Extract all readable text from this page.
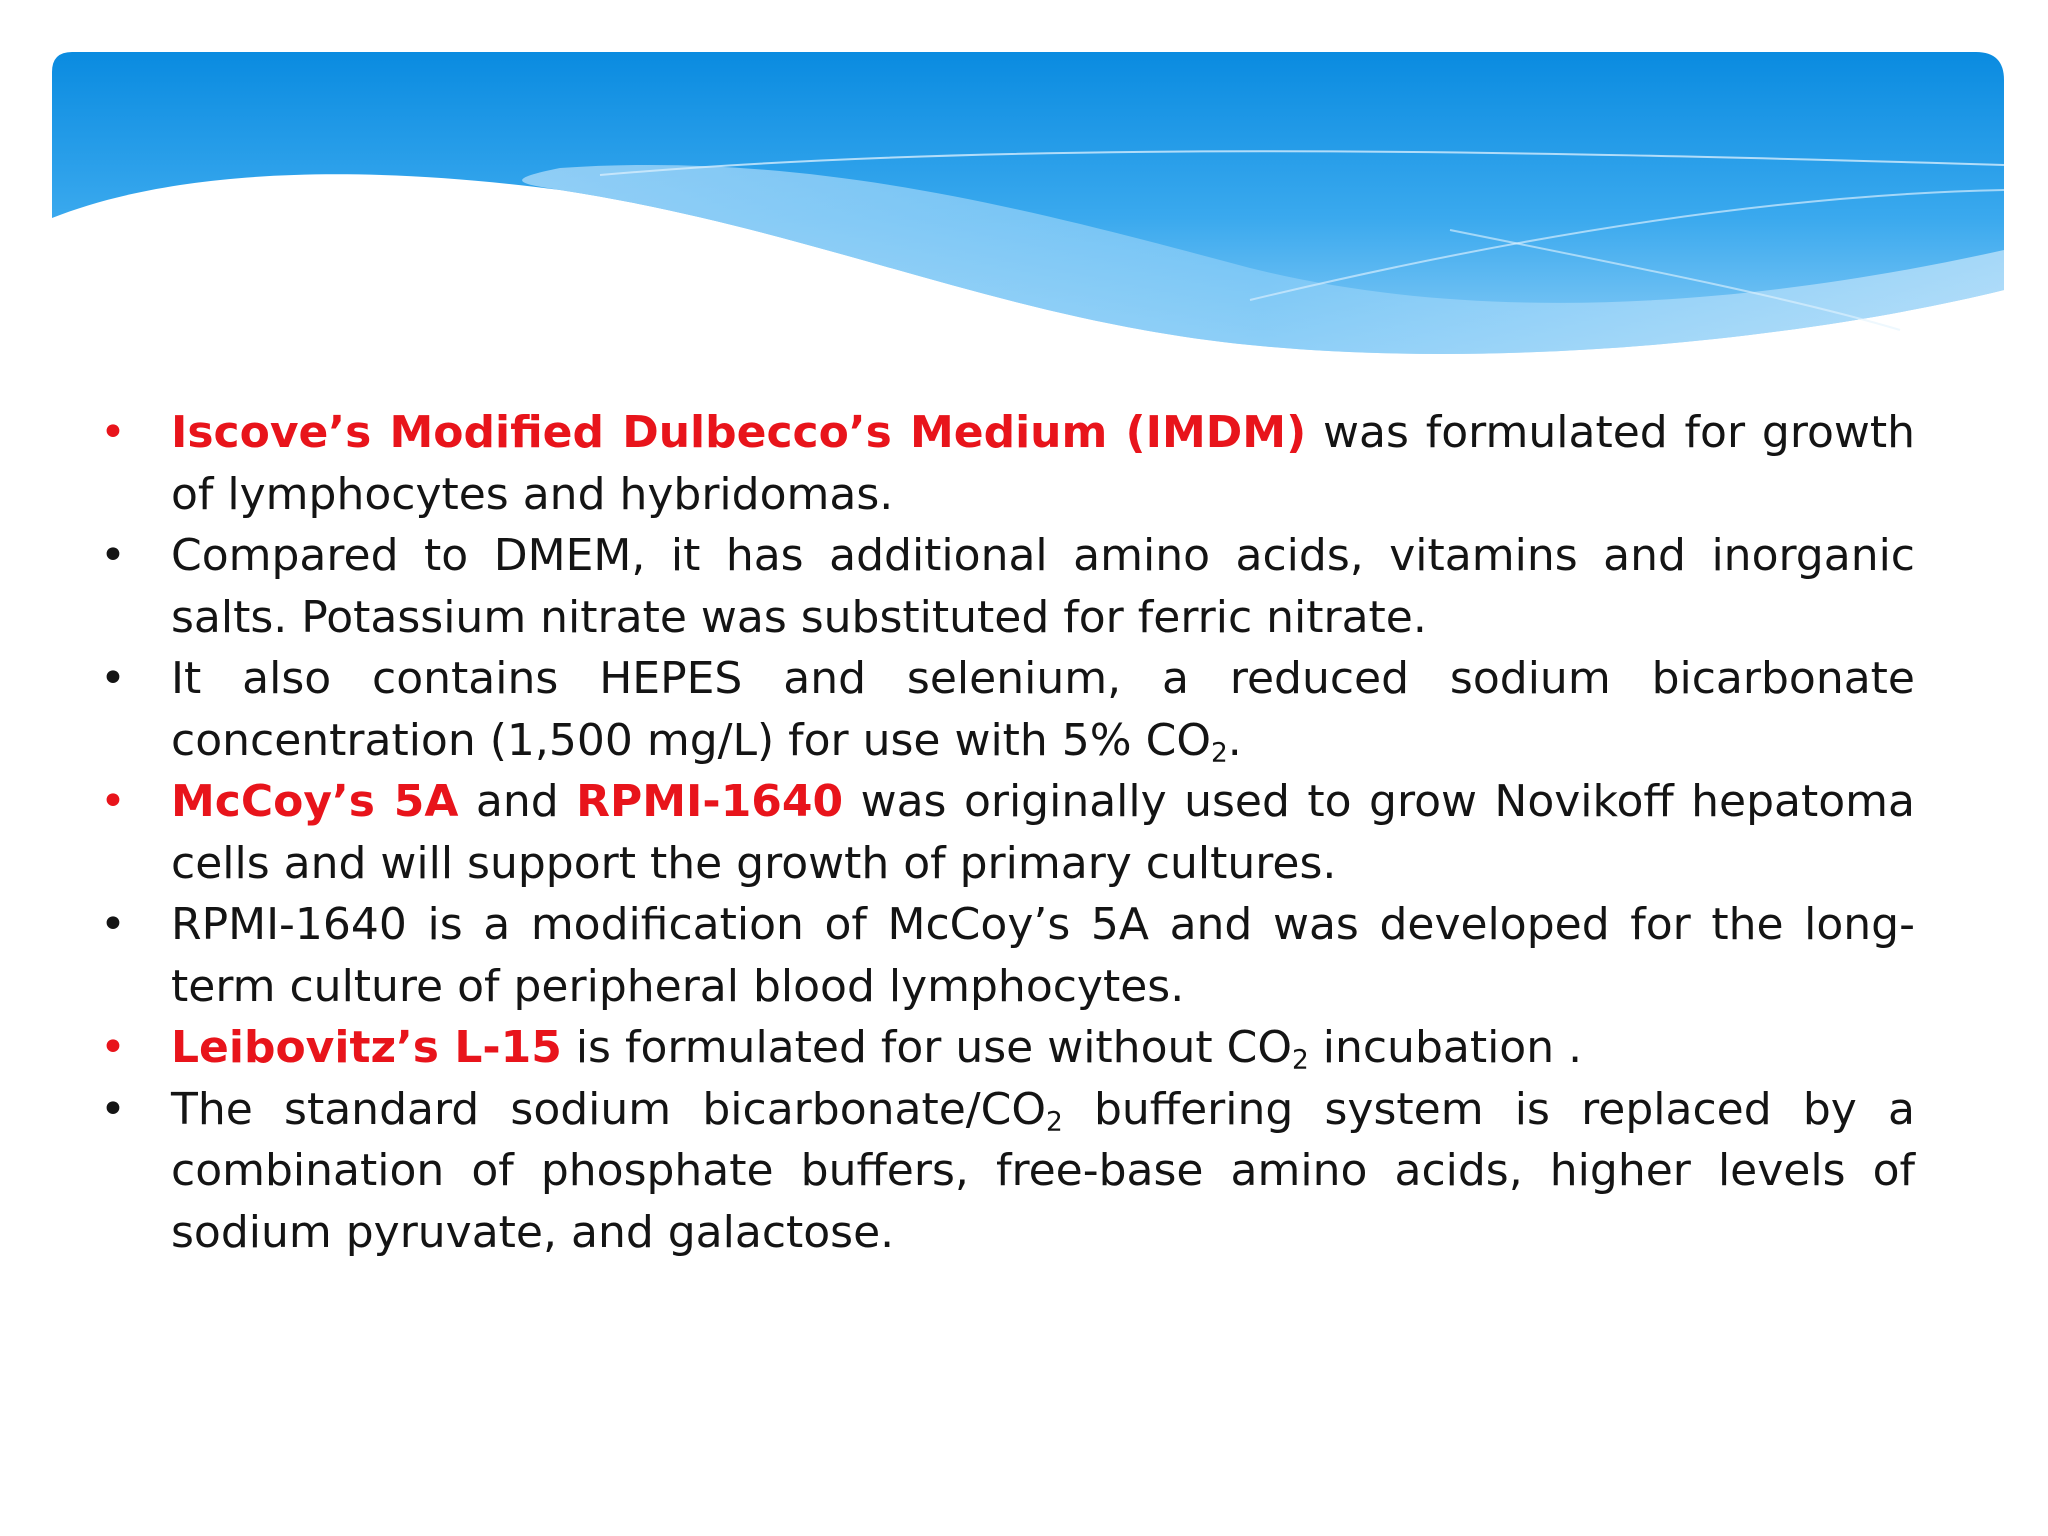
•	Iscove’s Modified Dulbecco’s Medium (IMDM) was formulated for growth of lymphocytes and hybridomas.
•	Compared to DMEM, it has additional amino acids, vitamins and inorganic salts. Potassium nitrate was substituted for ferric nitrate.
•	It also contains HEPES and selenium, a reduced sodium bicarbonate concentration (1,500 mg/L) for use with 5% $CO_2$.
•	McCoy’s 5A and RPMI-1640 was originally used to grow Novikoff hepatoma cells and will support the growth of primary cultures.
•	RPMI-1640 is a modification of McCoy’s 5A and was developed for the long-term culture of peripheral blood lymphocytes.
•	Leibovitz’s L-15 is formulated for use without $CO_2$ incubation .
•	The standard sodium bicarbonate/$CO_2$ buffering system is replaced by a combination of phosphate buffers, free-base amino acids, higher levels of sodium pyruvate, and galactose.
